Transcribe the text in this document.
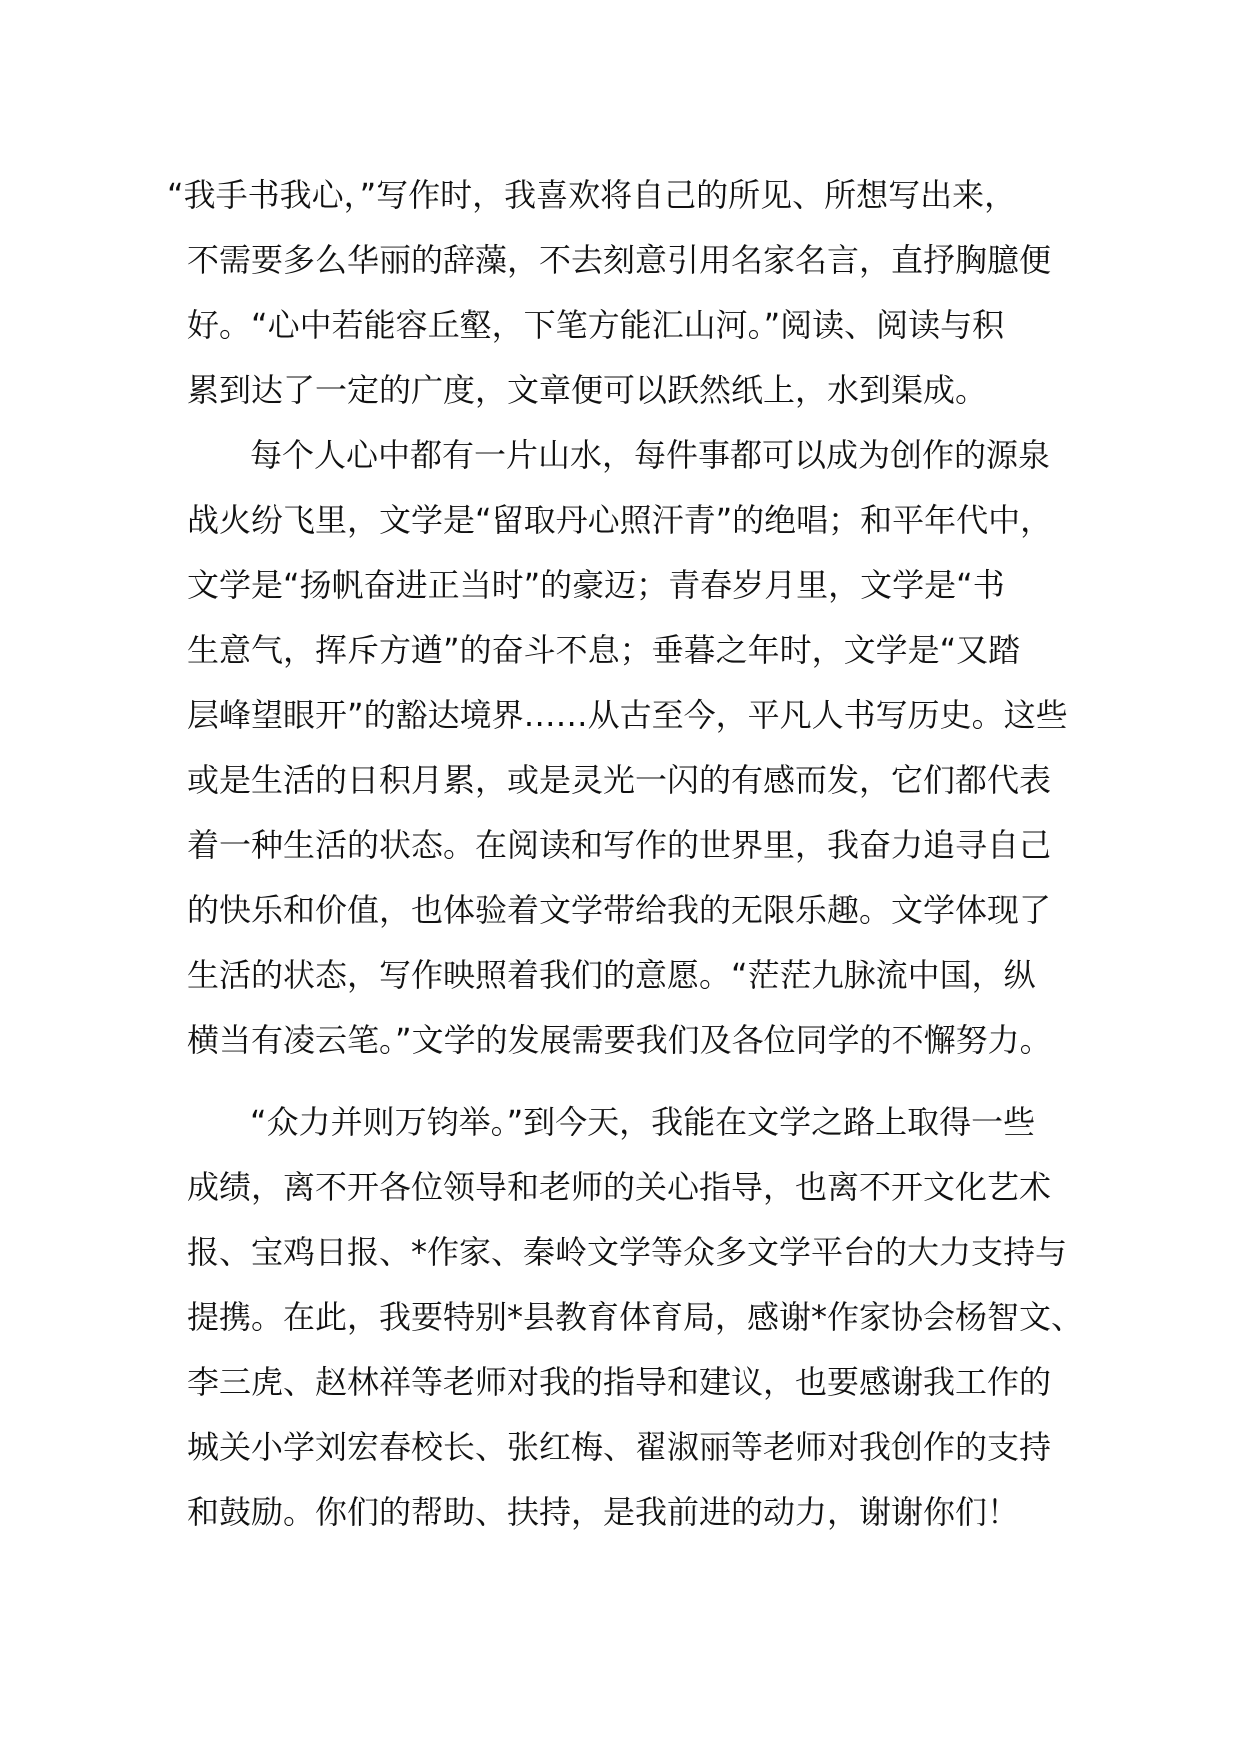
“我手书我心，”写作时，我喜欢将自己的所见、所想写出来，
不需要多么华丽的辞藻，不去刻意引用名家名言，直抒胸臆便
好。“心中若能容丘壑，下笔方能汇山河。”阅读、阅读与积
累到达了一定的广度，文章便可以跃然纸上，水到渠成。
每个人心中都有一片山水，每件事都可以成为创作的源泉
战火纷飞里，文学是“留取丹心照汗青”的绝唱；和平年代中，
文学是“扬帆奋进正当时”的豪迈；青春岁月里，文学是“书
生意气，挥斥方遒”的奋斗不息；垂暮之年时，文学是“又踏
层峰望眼开”的豁达境界……从古至今，平凡人书写历史。这些
或是生活的日积月累，或是灵光一闪的有感而发，它们都代表
着一种生活的状态。在阅读和写作的世界里，我奋力追寻自己
的快乐和价值，也体验着文学带给我的无限乐趣。文学体现了
生活的状态，写作映照着我们的意愿。“茫茫九脉流中国，纵
横当有凌云笔。”文学的发展需要我们及各位同学的不懈努力。
“众力并则万钧举。”到今天，我能在文学之路上取得一些
成绩，离不开各位领导和老师的关心指导，也离不开文化艺术
报、宝鸡日报、*作家、秦岭文学等众多文学平台的大力支持与
提携。在此，我要特别*县教育体育局，感谢*作家协会杨智文、
李三虎、赵林祥等老师对我的指导和建议，也要感谢我工作的
城关小学刘宏春校长、张红梅、翟淑丽等老师对我创作的支持
和鼓励。你们的帮助、扶持，是我前进的动力，谢谢你们！
